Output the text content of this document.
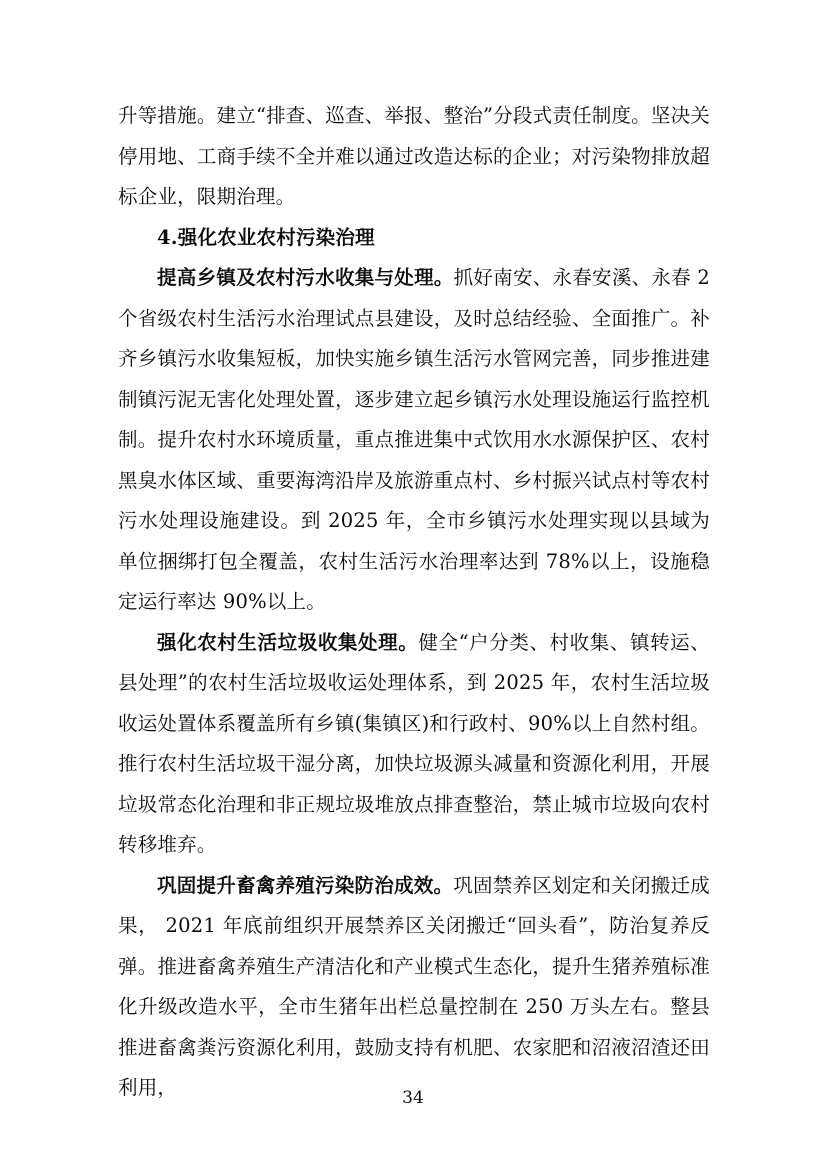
升等措施。建立“排查、巡查、举报、整治”分段式责任制度。坚决关停用地、工商手续不全并难以通过改造达标的企业；对污染物排放超标企业，限期治理。

4.强化农业农村污染治理

提高乡镇及农村污水收集与处理。抓好南安、永春安溪、永春 2 个省级农村生活污水治理试点县建设，及时总结经验、全面推广。补齐乡镇污水收集短板，加快实施乡镇生活污水管网完善，同步推进建制镇污泥无害化处理处置，逐步建立起乡镇污水处理设施运行监控机制。提升农村水环境质量，重点推进集中式饮用水水源保护区、农村黑臭水体区域、重要海湾沿岸及旅游重点村、乡村振兴试点村等农村污水处理设施建设。到 2025 年，全市乡镇污水处理实现以县域为单位捆绑打包全覆盖，农村生活污水治理率达到 78%以上，设施稳定运行率达 90%以上。

强化农村生活垃圾收集处理。健全“户分类、村收集、镇转运、县处理”的农村生活垃圾收运处理体系，到 2025 年，农村生活垃圾收运处置体系覆盖所有乡镇(集镇区)和行政村、90%以上自然村组。推行农村生活垃圾干湿分离，加快垃圾源头减量和资源化利用，开展垃圾常态化治理和非正规垃圾堆放点排查整治，禁止城市垃圾向农村转移堆弃。

巩固提升畜禽养殖污染防治成效。巩固禁养区划定和关闭搬迁成果， 2021 年底前组织开展禁养区关闭搬迁“回头看”，防治复养反弹。推进畜禽养殖生产清洁化和产业模式生态化，提升生猪养殖标准化升级改造水平，全市生猪年出栏总量控制在 250 万头左右。整县推进畜禽粪污资源化利用，鼓励支持有机肥、农家肥和沼液沼渣还田利用，	34
